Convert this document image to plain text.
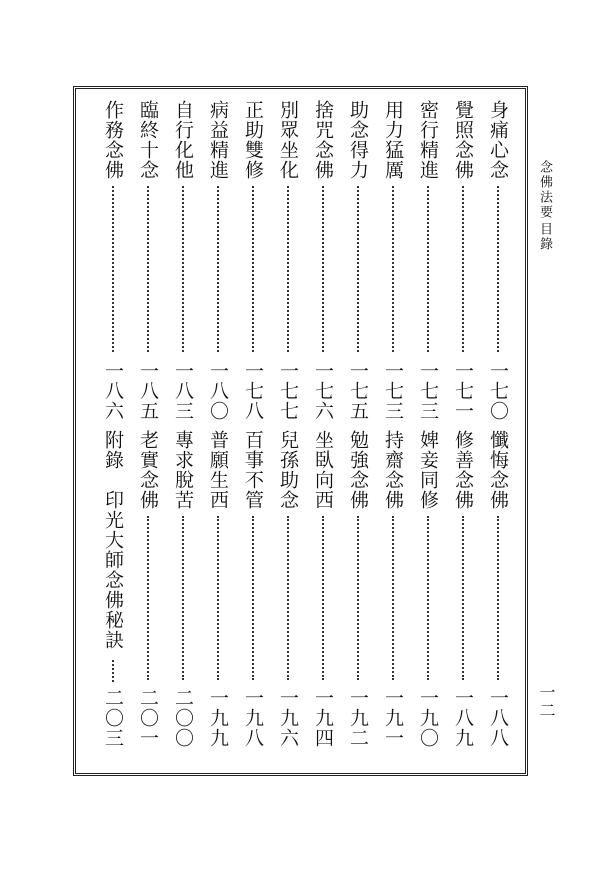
身痛心念
一七〇
覺照念佛
一七一
密行精進
一七三
用力猛厲
一七三
助念得力
一七五
捨咒念佛
一七六
別眾坐化
一七七
正助雙修
一七八
病益精進
一八〇
自行化他
一八三
臨終十念
一八五
作務念佛
一八六
懺悔念佛
一八八
修善念佛
一八九
婢妾同修
一九〇
持齋念佛
一九一
勉強念佛
一九二
坐臥向西
一九四
兒孫助念
一九六
百事不管
一九八
普願生西
一九九
專求脫苦
二〇〇
老實念佛
二〇一
附錄　印光大師念佛秘訣
二〇三
念佛法要
目錄
一二
